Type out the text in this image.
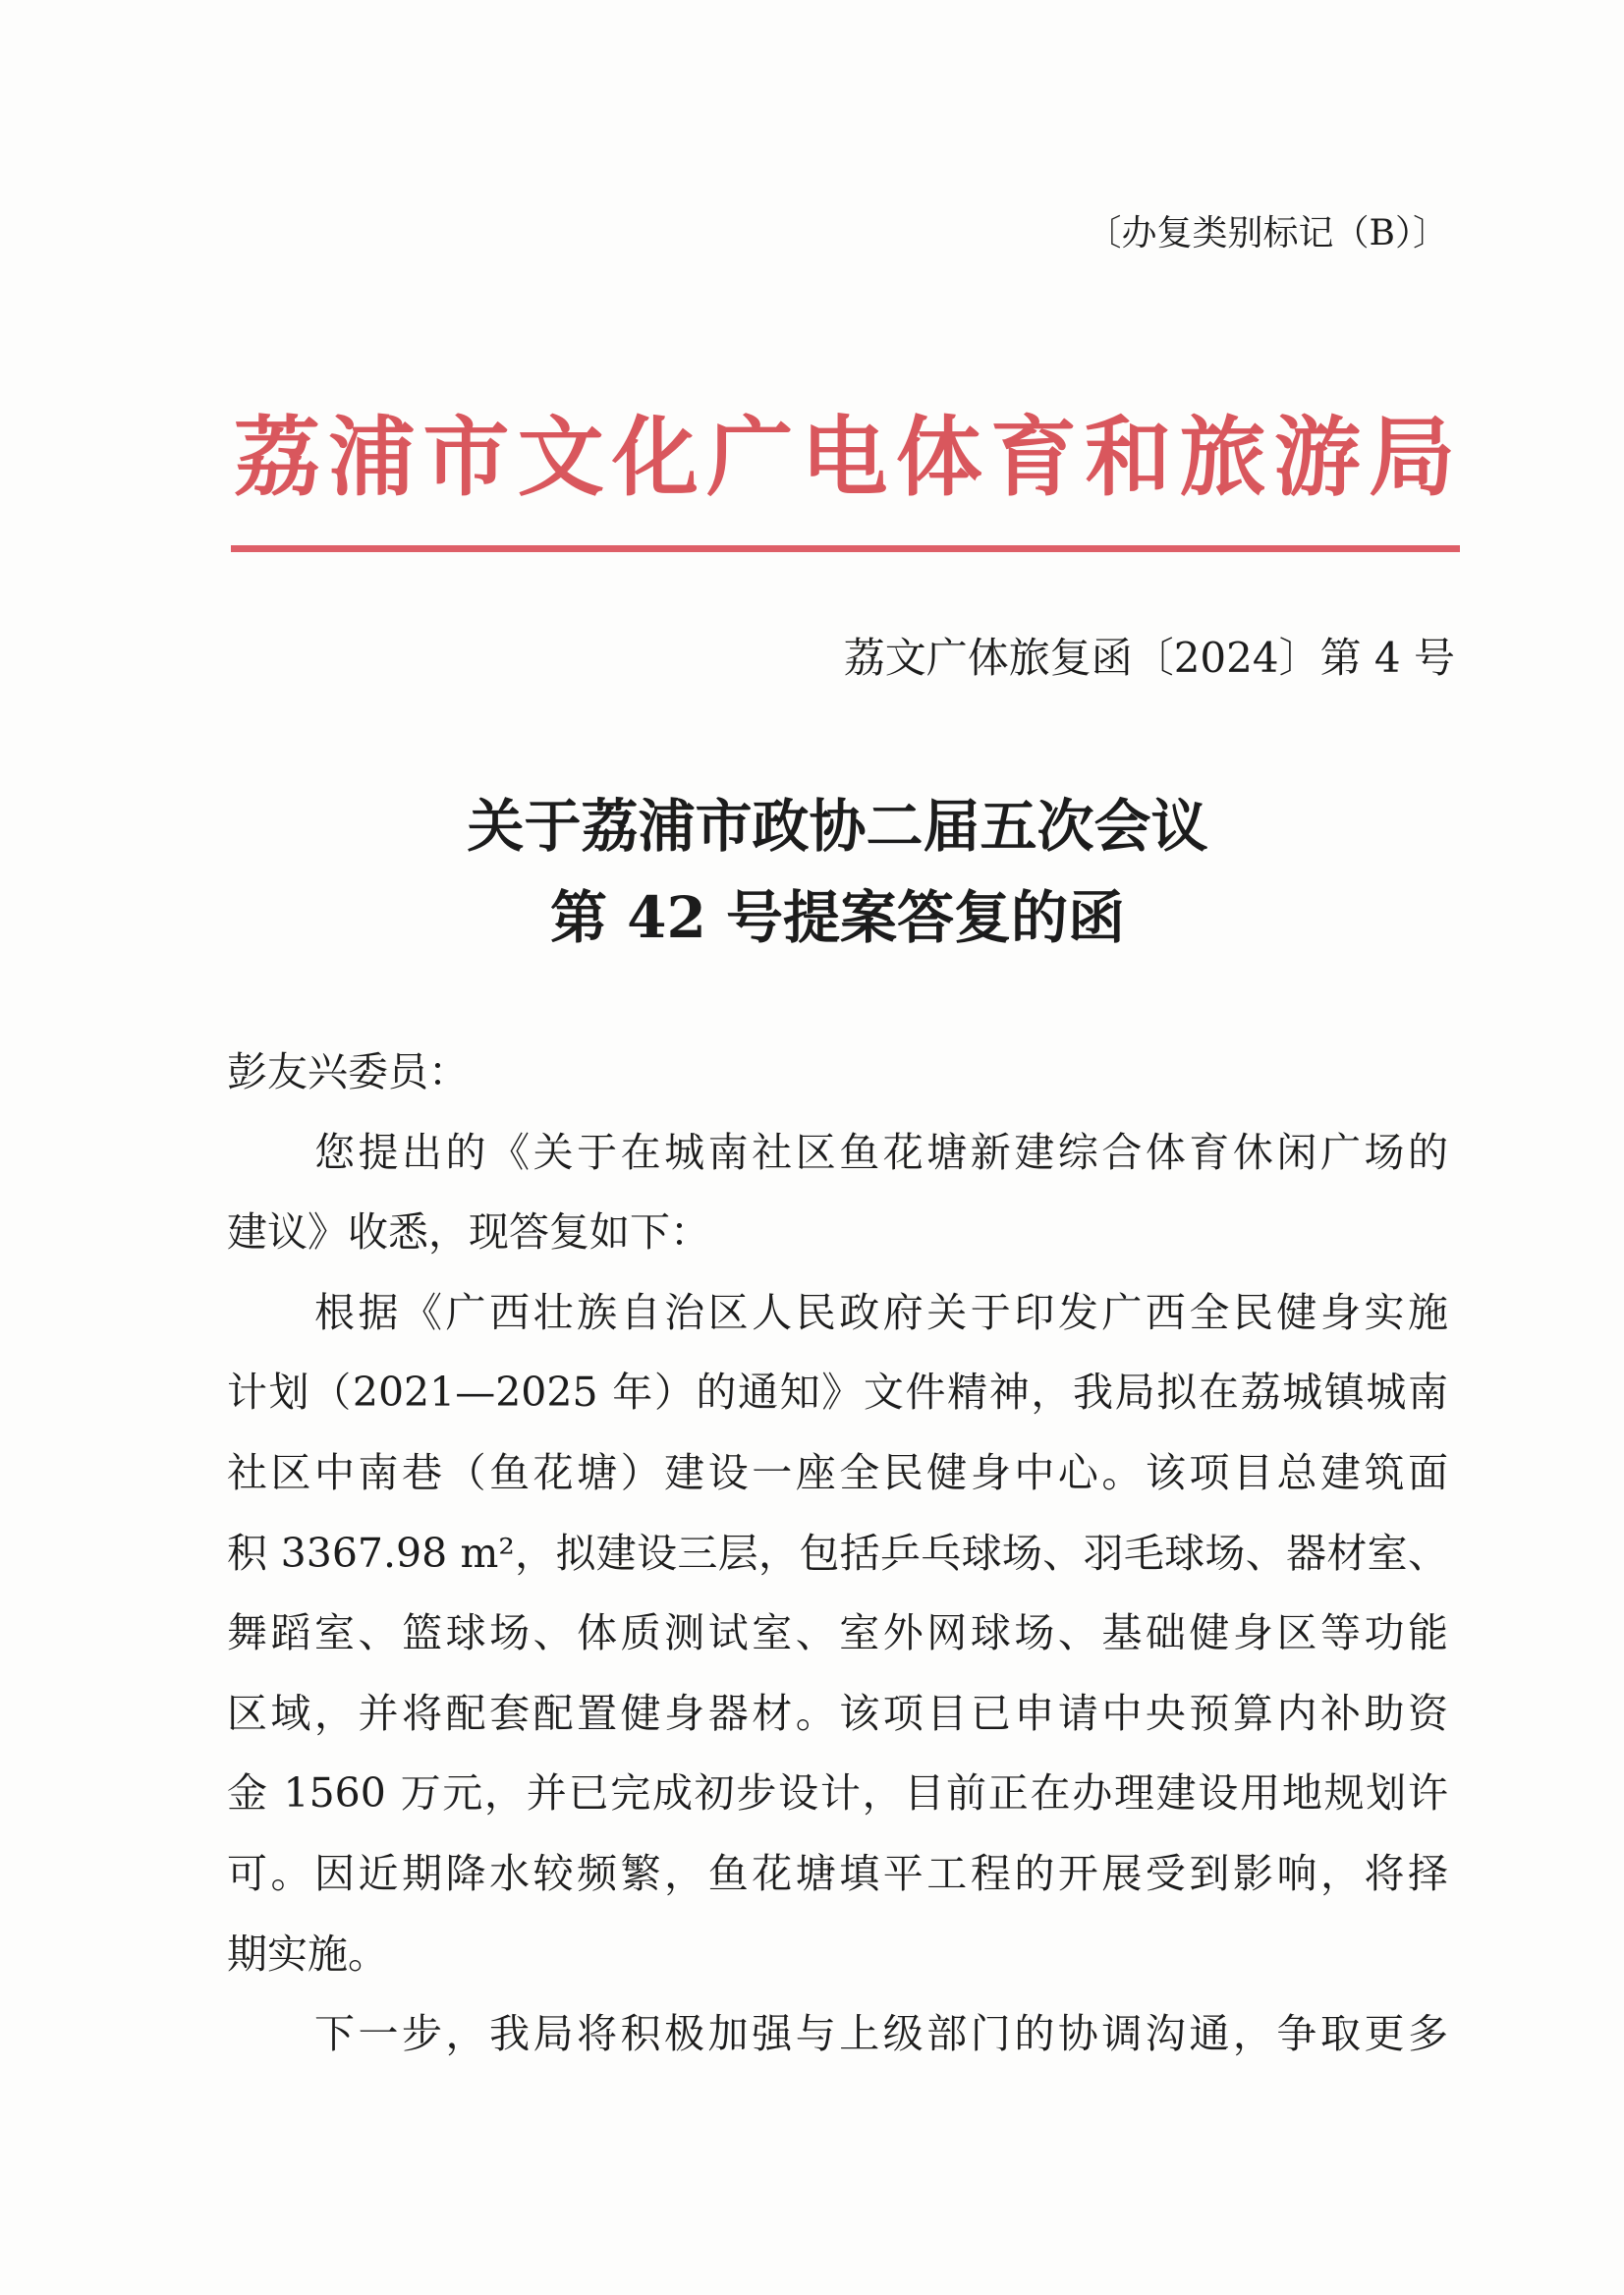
〔办复类别标记（B）〕
荔浦市文化广电体育和旅游局
荔文广体旅复函〔2024〕第 4 号
关于荔浦市政协二届五次会议
第 42 号提案答复的函
彭友兴委员：
您提出的《关于在城南社区鱼花塘新建综合体育休闲广场的
建议》收悉，现答复如下：
根据《广西壮族自治区人民政府关于印发广西全民健身实施
计划（2021—2025 年）的通知》文件精神，我局拟在荔城镇城南
社区中南巷（鱼花塘）建设一座全民健身中心。该项目总建筑面
积 3367.98 m²，拟建设三层，包括乒乓球场、羽毛球场、器材室、
舞蹈室、篮球场、体质测试室、室外网球场、基础健身区等功能
区域，并将配套配置健身器材。该项目已申请中央预算内补助资
金 1560 万元，并已完成初步设计，目前正在办理建设用地规划许
可。因近期降水较频繁，鱼花塘填平工程的开展受到影响，将择
期实施。
下一步，我局将积极加强与上级部门的协调沟通，争取更多
